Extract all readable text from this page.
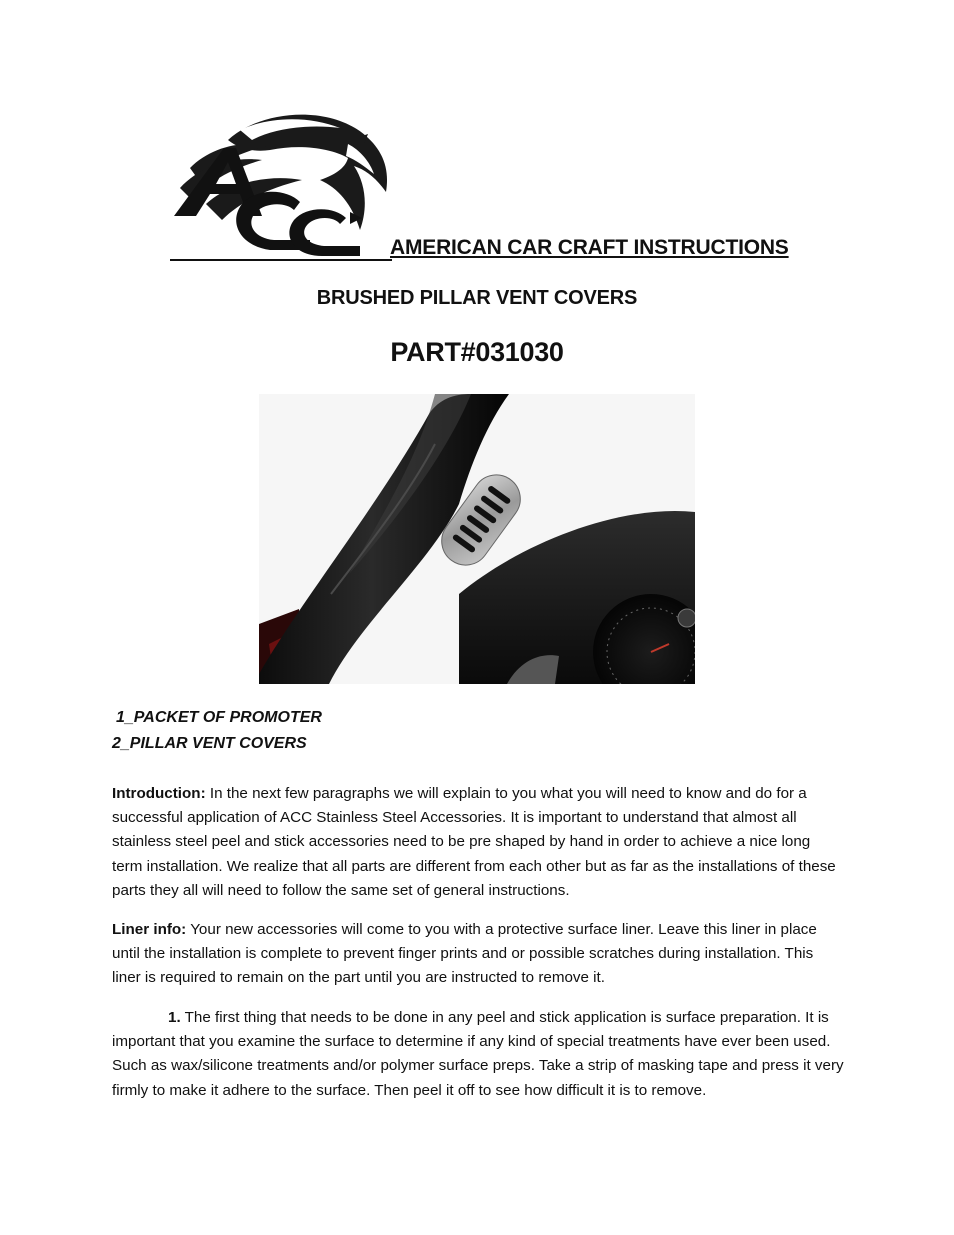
AMERICAN CAR CRAFT INSTRUCTIONS
BRUSHED PILLAR VENT COVERS
PART#031030
1_PACKET OF PROMOTER
2_PILLAR VENT COVERS
Introduction: In the next few paragraphs we will explain to you what you will need to know and do for a successful application of ACC Stainless Steel Accessories. It is important to understand that almost all stainless steel peel and stick accessories need to be pre shaped by hand in order to achieve a nice long term installation. We realize that all parts are different from each other but as far as the installations of these parts they all will need to follow the same set of general instructions.
Liner info: Your new accessories will come to you with a protective surface liner. Leave this liner in place until the installation is complete to prevent finger prints and or possible scratches during installation. This liner is required to remain on the part until you are instructed to remove it.
1. The first thing that needs to be done in any peel and stick application is surface preparation. It is important that you examine the surface to determine if any kind of special treatments have ever been used. Such as wax/silicone treatments and/or polymer surface preps. Take a strip of masking tape and press it very firmly to make it adhere to the surface. Then peel it off to see how difficult it is to remove.
